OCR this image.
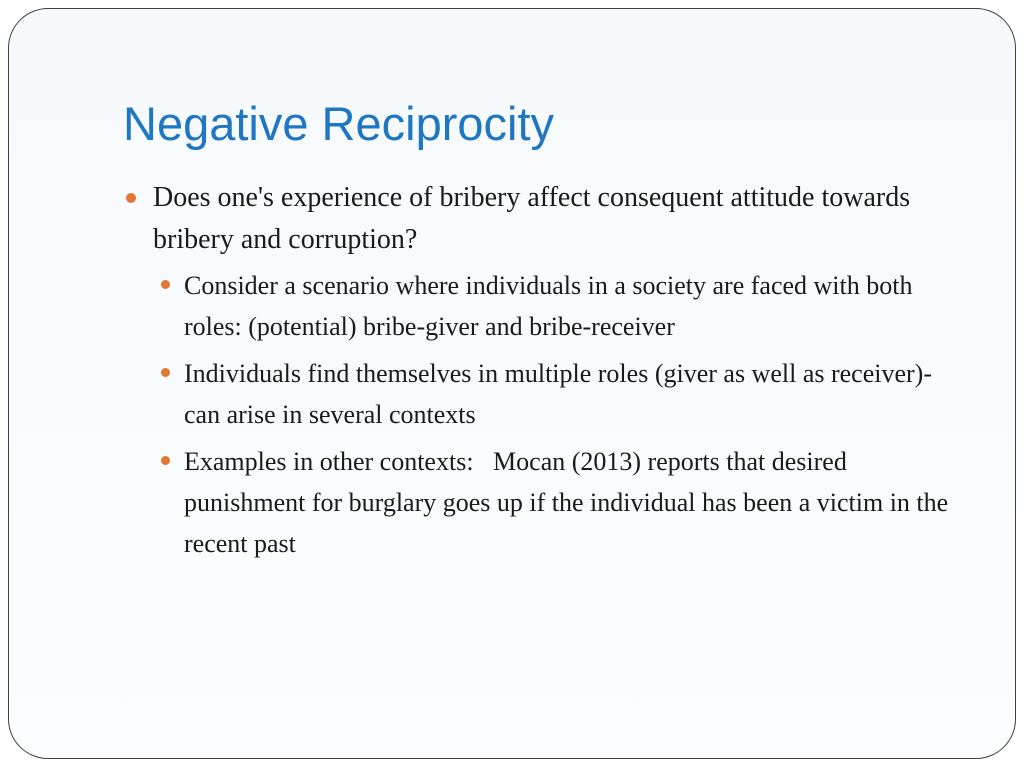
Negative Reciprocity
Does one's experience of bribery affect consequent attitude towards bribery and corruption?
Consider a scenario where individuals in a society are faced with both roles: (potential) bribe-giver and bribe-receiver
Individuals find themselves in multiple roles (giver as well as receiver)- can arise in several contexts
Examples in other contexts:   Mocan (2013) reports that desired punishment for burglary goes up if the individual has been a victim in the recent past
